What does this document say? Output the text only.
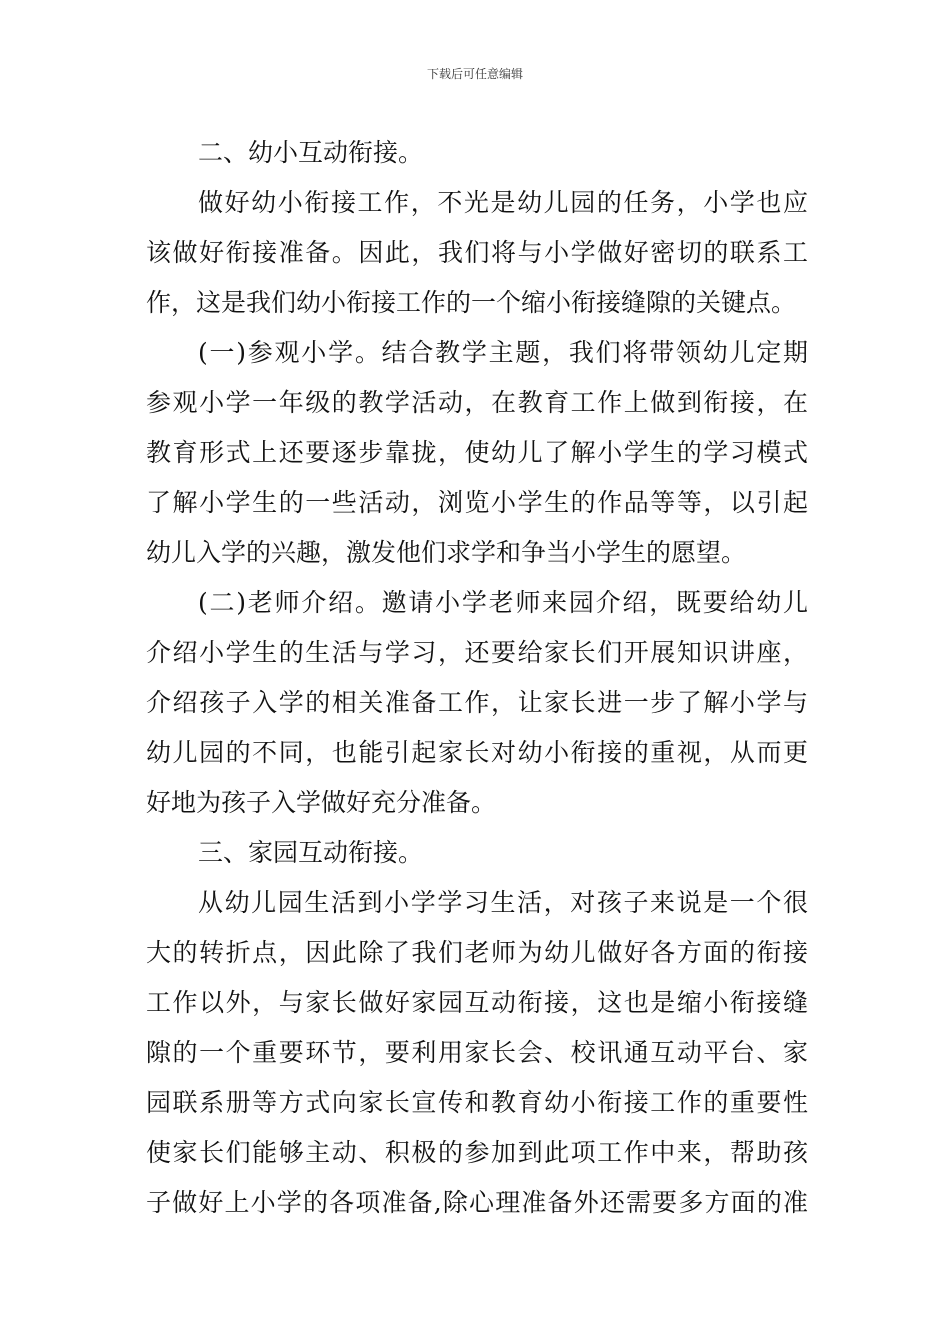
下载后可任意编辑
二、幼小互动衔接。
做好幼小衔接工作，不光是幼儿园的任务，小学也应
该做好衔接准备。因此，我们将与小学做好密切的联系工
作，这是我们幼小衔接工作的一个缩小衔接缝隙的关键点。
(一)参观小学。结合教学主题，我们将带领幼儿定期
参观小学一年级的教学活动，在教育工作上做到衔接，在
教育形式上还要逐步靠拢，使幼儿了解小学生的学习模式
了解小学生的一些活动，浏览小学生的作品等等，以引起
幼儿入学的兴趣，激发他们求学和争当小学生的愿望。
(二)老师介绍。邀请小学老师来园介绍，既要给幼儿
介绍小学生的生活与学习，还要给家长们开展知识讲座，
介绍孩子入学的相关准备工作，让家长进一步了解小学与
幼儿园的不同，也能引起家长对幼小衔接的重视，从而更
好地为孩子入学做好充分准备。
三、家园互动衔接。
从幼儿园生活到小学学习生活，对孩子来说是一个很
大的转折点，因此除了我们老师为幼儿做好各方面的衔接
工作以外，与家长做好家园互动衔接，这也是缩小衔接缝
隙的一个重要环节，要利用家长会、校讯通互动平台、家
园联系册等方式向家长宣传和教育幼小衔接工作的重要性
使家长们能够主动、积极的参加到此项工作中来，帮助孩
子做好上小学的各项准备,除心理准备外还需要多方面的准
